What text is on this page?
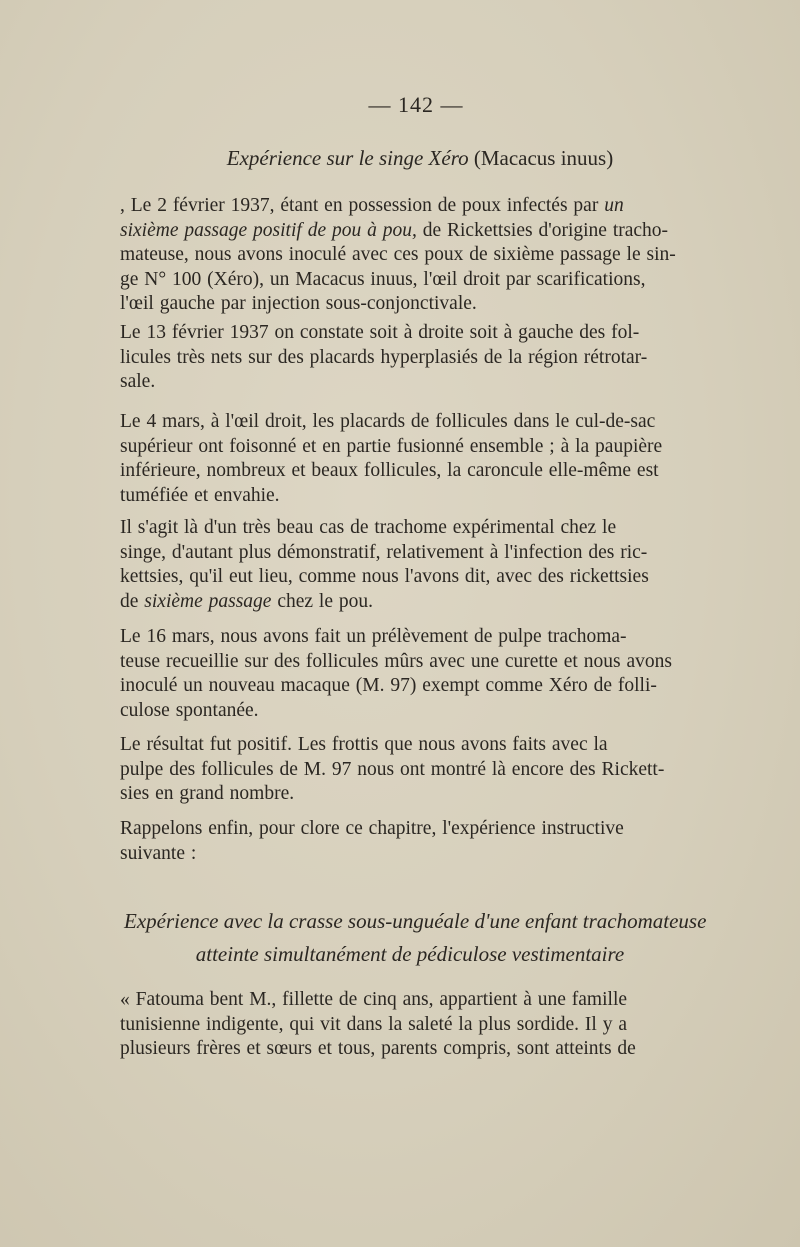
— 142 —
Expérience sur le singe Xéro (Macacus inuus)
, Le 2 février 1937, étant en possession de poux infectés par un
sixième passage positif de pou à pou, de Rickettsies d'origine tracho-
mateuse, nous avons inoculé avec ces poux de sixième passage le sin-
ge N° 100 (Xéro), un Macacus inuus, l'œil droit par scarifications,
l'œil gauche par injection sous-conjonctivale.
Le 13 février 1937 on constate soit à droite soit à gauche des fol-
licules très nets sur des placards hyperplasiés de la région rétrotar-
sale.
Le 4 mars, à l'œil droit, les placards de follicules dans le cul-de-sac
supérieur ont foisonné et en partie fusionné ensemble ; à la paupière
inférieure, nombreux et beaux follicules, la caroncule elle-même est
tuméfiée et envahie.
Il s'agit là d'un très beau cas de trachome expérimental chez le
singe, d'autant plus démonstratif, relativement à l'infection des ric-
kettsies, qu'il eut lieu, comme nous l'avons dit, avec des rickettsies
de sixième passage chez le pou.
Le 16 mars, nous avons fait un prélèvement de pulpe trachoma-
teuse recueillie sur des follicules mûrs avec une curette et nous avons
inoculé un nouveau macaque (M. 97) exempt comme Xéro de folli-
culose spontanée.
Le résultat fut positif. Les frottis que nous avons faits avec la
pulpe des follicules de M. 97 nous ont montré là encore des Rickett-
sies en grand nombre.
Rappelons enfin, pour clore ce chapitre, l'expérience instructive
suivante :
Expérience avec la crasse sous-unguéale d'une enfant trachomateuse
atteinte simultanément de pédiculose vestimentaire
« Fatouma bent M., fillette de cinq ans, appartient à une famille
tunisienne indigente, qui vit dans la saleté la plus sordide. Il y a
plusieurs frères et sœurs et tous, parents compris, sont atteints de
